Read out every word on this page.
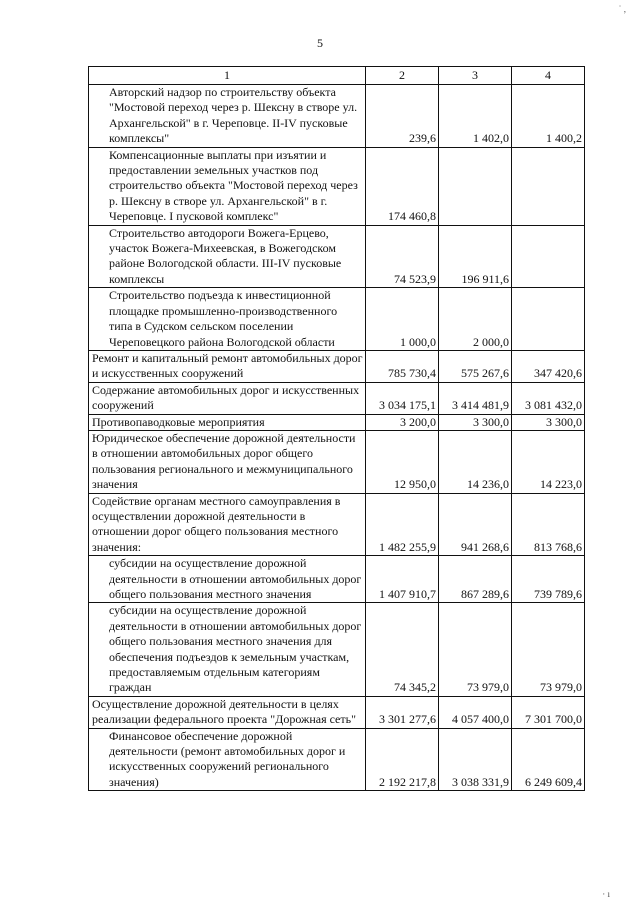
5
1	2	3	4
Авторский надзор по строительству объекта "Мостовой переход через р. Шексну в створе ул. Архангельской" в г. Череповце. II-IV пусковые комплексы"	239,6	1 402,0	1 400,2
Компенсационные выплаты при изъятии и предоставлении земельных участков под строительство объекта "Мостовой переход через р. Шексну в створе ул. Архангельской" в г. Череповце. I пусковой комплекс"	174 460,8		
Строительство автодороги Вожега-Ерцево, участок Вожега-Михеевская, в Вожегодском районе Вологодской области. III-IV пусковые комплексы	74 523,9	196 911,6	
Строительство подъезда к инвестиционной площадке промышленно-производственного типа в Судском сельском поселении Череповецкого района Вологодской области	1 000,0	2 000,0	
Ремонт и капитальный ремонт автомобильных дорог и искусственных сооружений	785 730,4	575 267,6	347 420,6
Содержание автомобильных дорог и искусственных сооружений	3 034 175,1	3 414 481,9	3 081 432,0
Противопаводковые мероприятия	3 200,0	3 300,0	3 300,0
Юридическое обеспечение дорожной деятельности в отношении автомобильных дорог общего пользования регионального и межмуниципального значения	12 950,0	14 236,0	14 223,0
Содействие органам местного самоуправления в осуществлении дорожной деятельности в отношении дорог общего пользования местного значения:	1 482 255,9	941 268,6	813 768,6
субсидии на осуществление дорожной деятельности в отношении автомобильных дорог общего пользования местного значения	1 407 910,7	867 289,6	739 789,6
субсидии на осуществление дорожной деятельности в отношении автомобильных дорог общего пользования местного значения для обеспечения подъездов к земельным участкам, предоставляемым отдельным категориям граждан	74 345,2	73 979,0	73 979,0
Осуществление дорожной деятельности в целях реализации федерального проекта "Дорожная сеть"	3 301 277,6	4 057 400,0	7 301 700,0
Финансовое обеспечение дорожной деятельности (ремонт автомобильных дорог и искусственных сооружений регионального значения)	2 192 217,8	3 038 331,9	6 249 609,4
˙ ,
· ı
